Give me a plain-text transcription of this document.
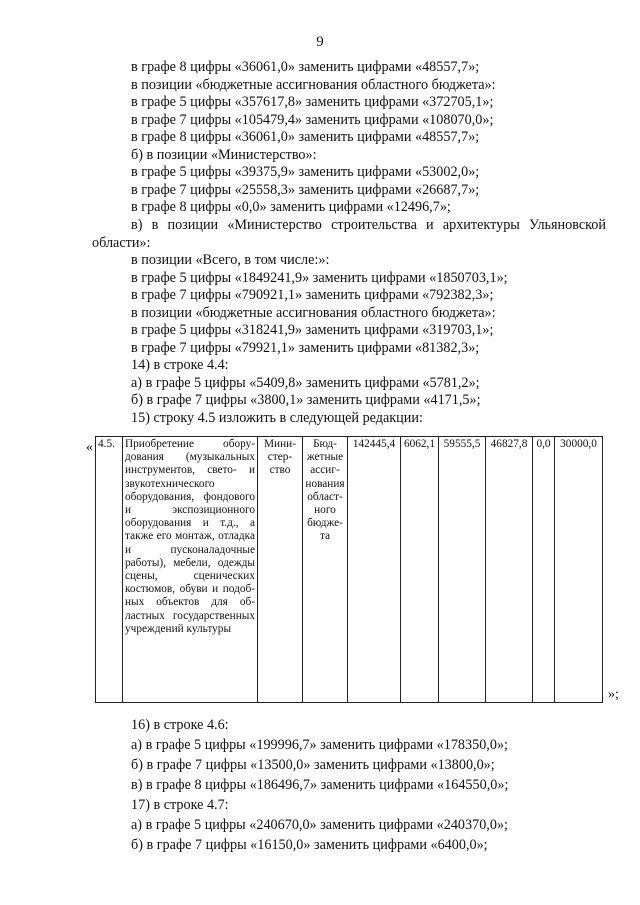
9
в графе 8 цифры «36061,0» заменить цифрами «48557,7»;
в позиции «бюджетные ассигнования областного бюджета»:
в графе 5 цифры «357617,8» заменить цифрами «372705,1»;
в графе 7 цифры «105479,4» заменить цифрами «108070,0»;
в графе 8 цифры «36061,0» заменить цифрами «48557,7»;
б) в позиции «Министерство»:
в графе 5 цифры «39375,9» заменить цифрами «53002,0»;
в графе 7 цифры «25558,3» заменить цифрами «26687,7»;
в графе 8 цифры «0,0» заменить цифрами «12496,7»;
в) в позиции «Министерство строительства и архитектуры Ульяновской
области»:
в позиции «Всего, в том числе:»:
в графе 5 цифры «1849241,9» заменить цифрами «1850703,1»;
в графе 7 цифры «790921,1» заменить цифрами «792382,3»;
в позиции «бюджетные ассигнования областного бюджета»:
в графе 5 цифры «318241,9» заменить цифрами «319703,1»;
в графе 7 цифры «79921,1» заменить цифрами «81382,3»;
14) в строке 4.4:
а) в графе 5 цифры «5409,8» заменить цифрами «5781,2»;
б) в графе 7 цифры «3800,1» заменить цифрами «4171,5»;
15) строку 4.5 изложить в следующей редакции:
« 4.5.	Приобретение оборудования (музыкальных инструментов, свето- и звукотехнического оборудования, фондового и экспозиционного оборудования и т.д., а также его монтаж, отладка и пусконаладочные работы), мебели, одежды сцены, сценических костюмов, обуви и подобных объектов для областных государственных учреждений культуры	Министерство	Бюджетные ассигнования областного бюджета	142445,4	6062,1	59555,5	46827,8	0,0	30000,0
»;
16) в строке 4.6:
а) в графе 5 цифры «199996,7» заменить цифрами «178350,0»;
б) в графе 7 цифры «13500,0» заменить цифрами «13800,0»;
в) в графе 8 цифры «186496,7» заменить цифрами «164550,0»;
17) в строке 4.7:
а) в графе 5 цифры «240670,0» заменить цифрами «240370,0»;
б) в графе 7 цифры «16150,0» заменить цифрами «6400,0»;
